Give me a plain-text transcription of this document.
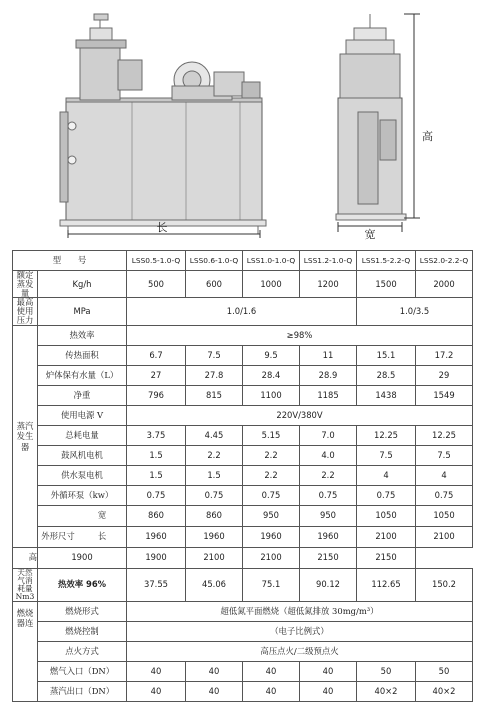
长
宽
高
型　　号		LSS0.5-1.0-Q	LSS0.6-1.0-Q	LSS1.0-1.0-Q	LSS1.2-1.0-Q	LSS1.5-2.2-Q	LSS2.0-2.2-Q
额定蒸发量	Kg/h	500	600	1000	1200	1500	2000
最高使用压力	MPa	1.0/1.6				1.0/3.5	
蒸汽发生器	热效率	≥98%					
	传热面积	6.7	7.5	9.5	11	15.1	17.2
	炉体保有水量（L）	27	27.8	28.4	28.9	28.5	29
	净重	796	815	1100	1185	1438	1549
	使用电源 V	220V/380V					
	总耗电量	3.75	4.45	5.15	7.0	12.25	12.25
	鼓风机电机	1.5	2.2	2.2	4.0	7.5	7.5
	供水泵电机	1.5	1.5	2.2	2.2	4	4
	外循环泵（kw）	0.75	0.75	0.75	0.75	0.75	0.75

	宽	860	860	950	950	1050	1050

	外形尺寸 长	1960	1960	1960	1960	2100	2100

高	1900	1900	2100	2100	2150	2150	
天然气消耗量 Nm3	热效率 96%	37.55	45.06	75.1	90.12	112.65	150.2
燃烧器连	燃烧形式	超低氮平面燃烧（超低氮排放 30mg/m³）					
	燃烧控制	（电子比例式）					
	点火方式	高压点火/二级预点火					
	燃气入口（DN）	40	40	40	40	50	50
	蒸汽出口（DN）	40	40	40	40	40×2	40×2
